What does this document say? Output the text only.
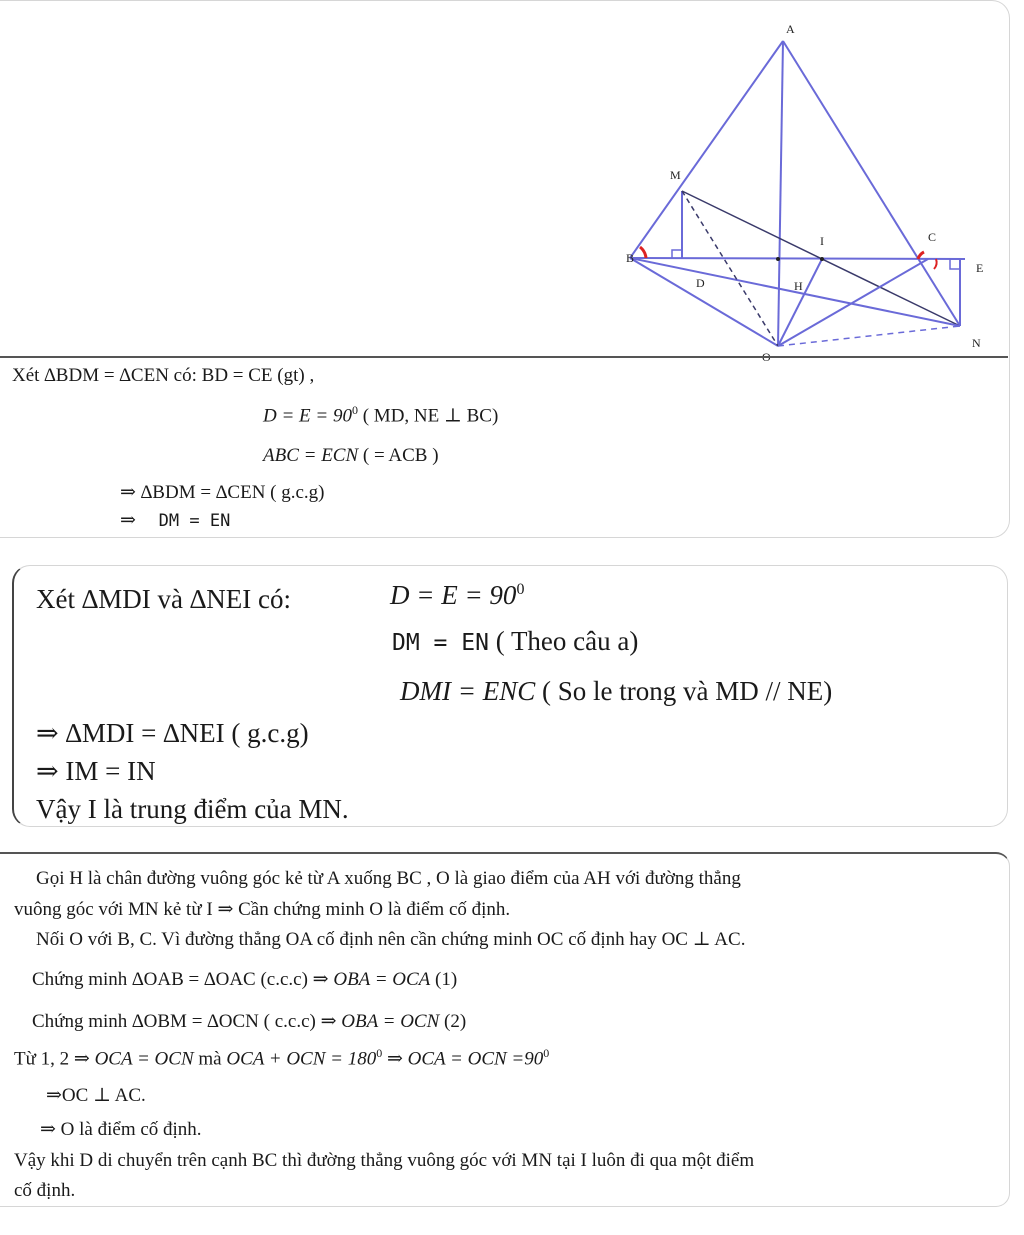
A
M
I	C
E
B
D	H
N
Xét ∆BDM = ∆CEN có: BD = CE (gt) ,
$D = E = 90^0$ ( MD, NE ⊥ BC)
ABC = ECN ( = ACB )
⇒ ∆BDM = ∆CEN ( g.c.g)
⇒ DM = EN
Xét ∆MDI và ∆NEI có:	$D = E = 90^0$
DM = EN ( Theo câu a)
DMI = ENC ( So le trong và MD // NE)
⇒ ∆MDI = ∆NEI ( g.c.g)
⇒ IM = IN
Vậy I là trung điểm của MN.
Gọi H là chân đường vuông góc kẻ từ A xuống BC , O là giao điểm của AH với đường thẳng
vuông góc với MN kẻ từ I ⇒ Cần chứng minh O là điểm cố định.
Nối O với B, C. Vì đường thẳng OA cố định nên cần chứng minh OC cố định hay OC ⊥ AC.
Chứng minh ∆OAB = ∆OAC (c.c.c) ⇒ OBA = OCA (1)
Chứng minh ∆OBM = ∆OCN ( c.c.c) ⇒ OBA = OCN (2)
Từ 1, 2 ⇒ OCA = OCN mà OCA + OCN = $180^0$ ⇒ OCA = OCN $=90^0$
⇒OC ⊥ AC.
⇒ O là điểm cố định.
Vậy khi D di chuyển trên cạnh BC thì đường thẳng vuông góc với MN tại I luôn đi qua một điểm
cố định.
